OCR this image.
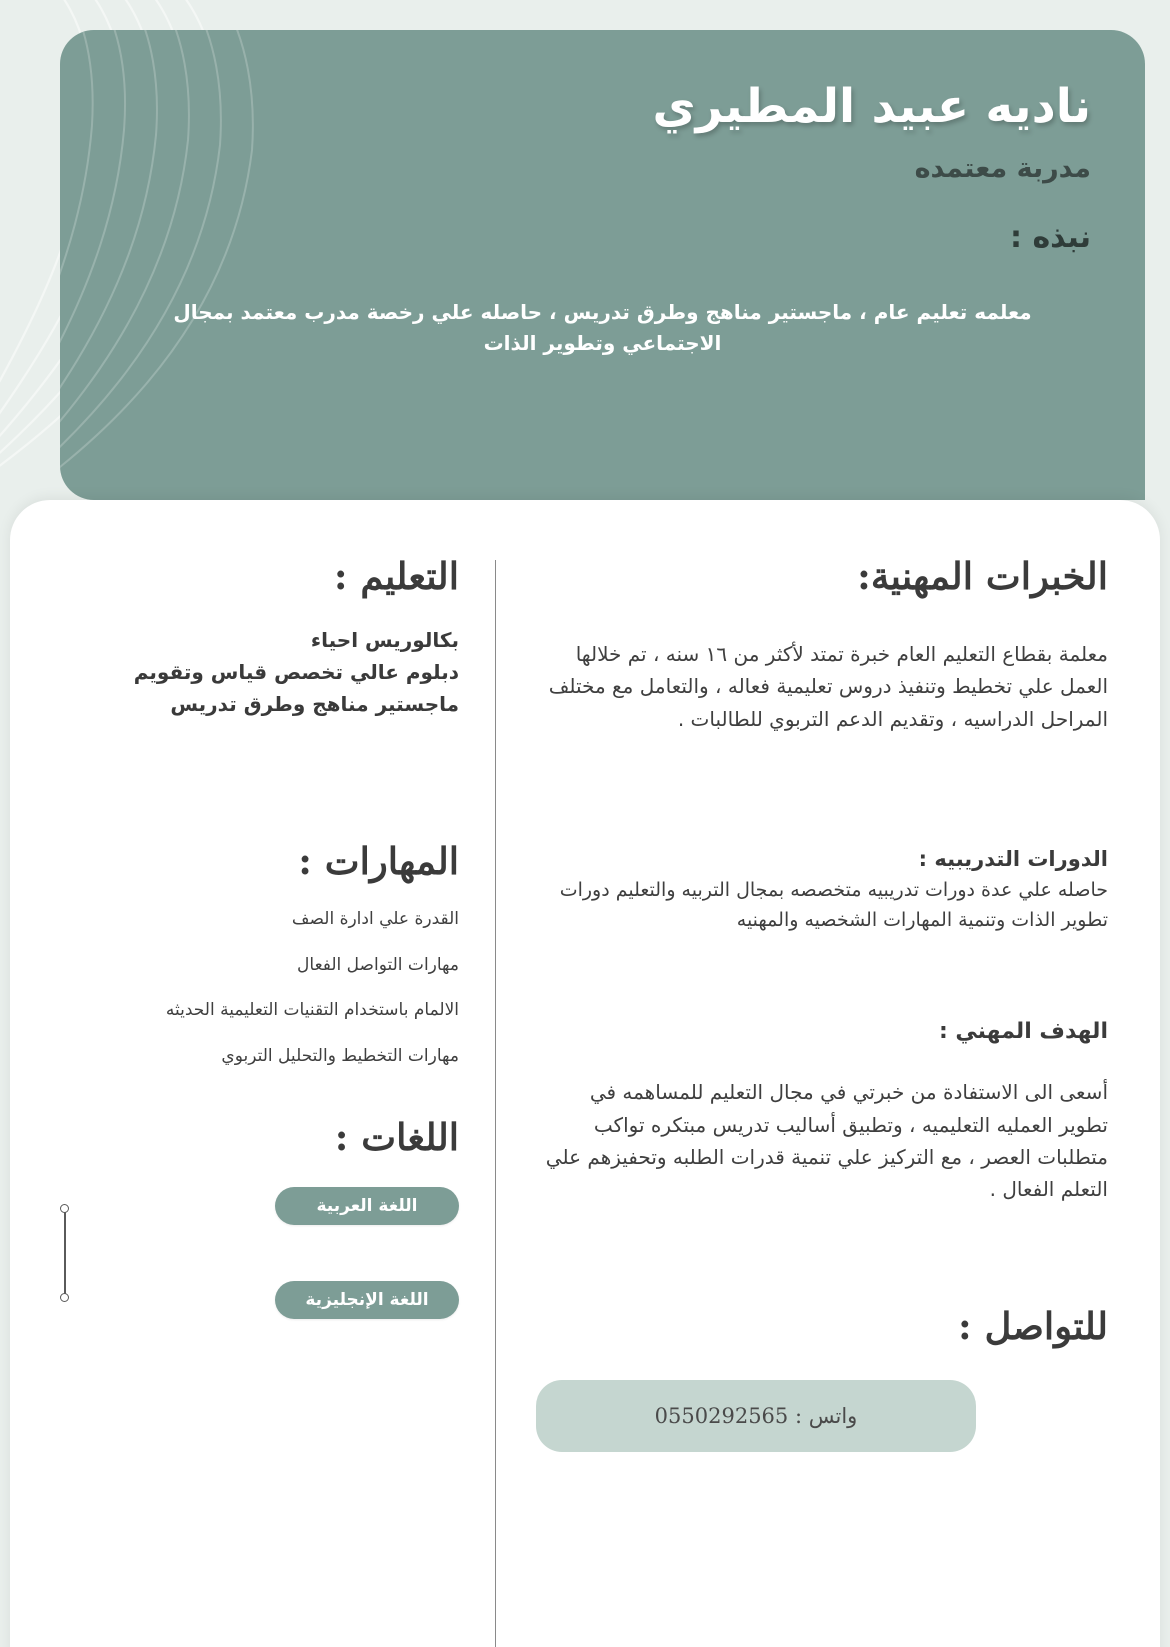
ناديه عبيد المطيري
مدربة معتمده
نبذه :

معلمه تعليم عام ، ماجستير مناهج وطرق تدريس ، حاصله علي رخصة مدرب معتمد بمجال الاجتماعي وتطوير الذات

الخبرات المهنية:

معلمة بقطاع التعليم العام خبرة تمتد لأكثر من ١٦ سنه ، تم خلالها العمل علي تخطيط وتنفيذ دروس تعليمية فعاله ، والتعامل مع مختلف المراحل الدراسيه ، وتقديم الدعم التربوي للطالبات .

الدورات التدريبيه :

حاصله علي عدة دورات تدريبيه متخصصه بمجال التربيه والتعليم دورات تطوير الذات وتنمية المهارات الشخصيه والمهنيه

الهدف المهني :

أسعى الى الاستفادة من خبرتي في مجال التعليم للمساهمه في تطوير العمليه التعليميه ، وتطبيق أساليب تدريس مبتكره تواكب متطلبات العصر ، مع التركيز علي تنمية قدرات الطلبه وتحفيزهم علي التعلم الفعال .

للتواصل :
واتس : 0550292565
التعليم :
بكالوريس احياء
دبلوم عالي تخصص قياس وتقويم
ماجستير مناهج وطرق تدريس
المهارات :
القدرة علي ادارة الصف
مهارات التواصل الفعال
الالمام باستخدام التقنيات التعليمية الحديثه
مهارات التخطيط والتحليل التربوي
اللغات :
اللغة العربية
اللغة الإنجليزية
